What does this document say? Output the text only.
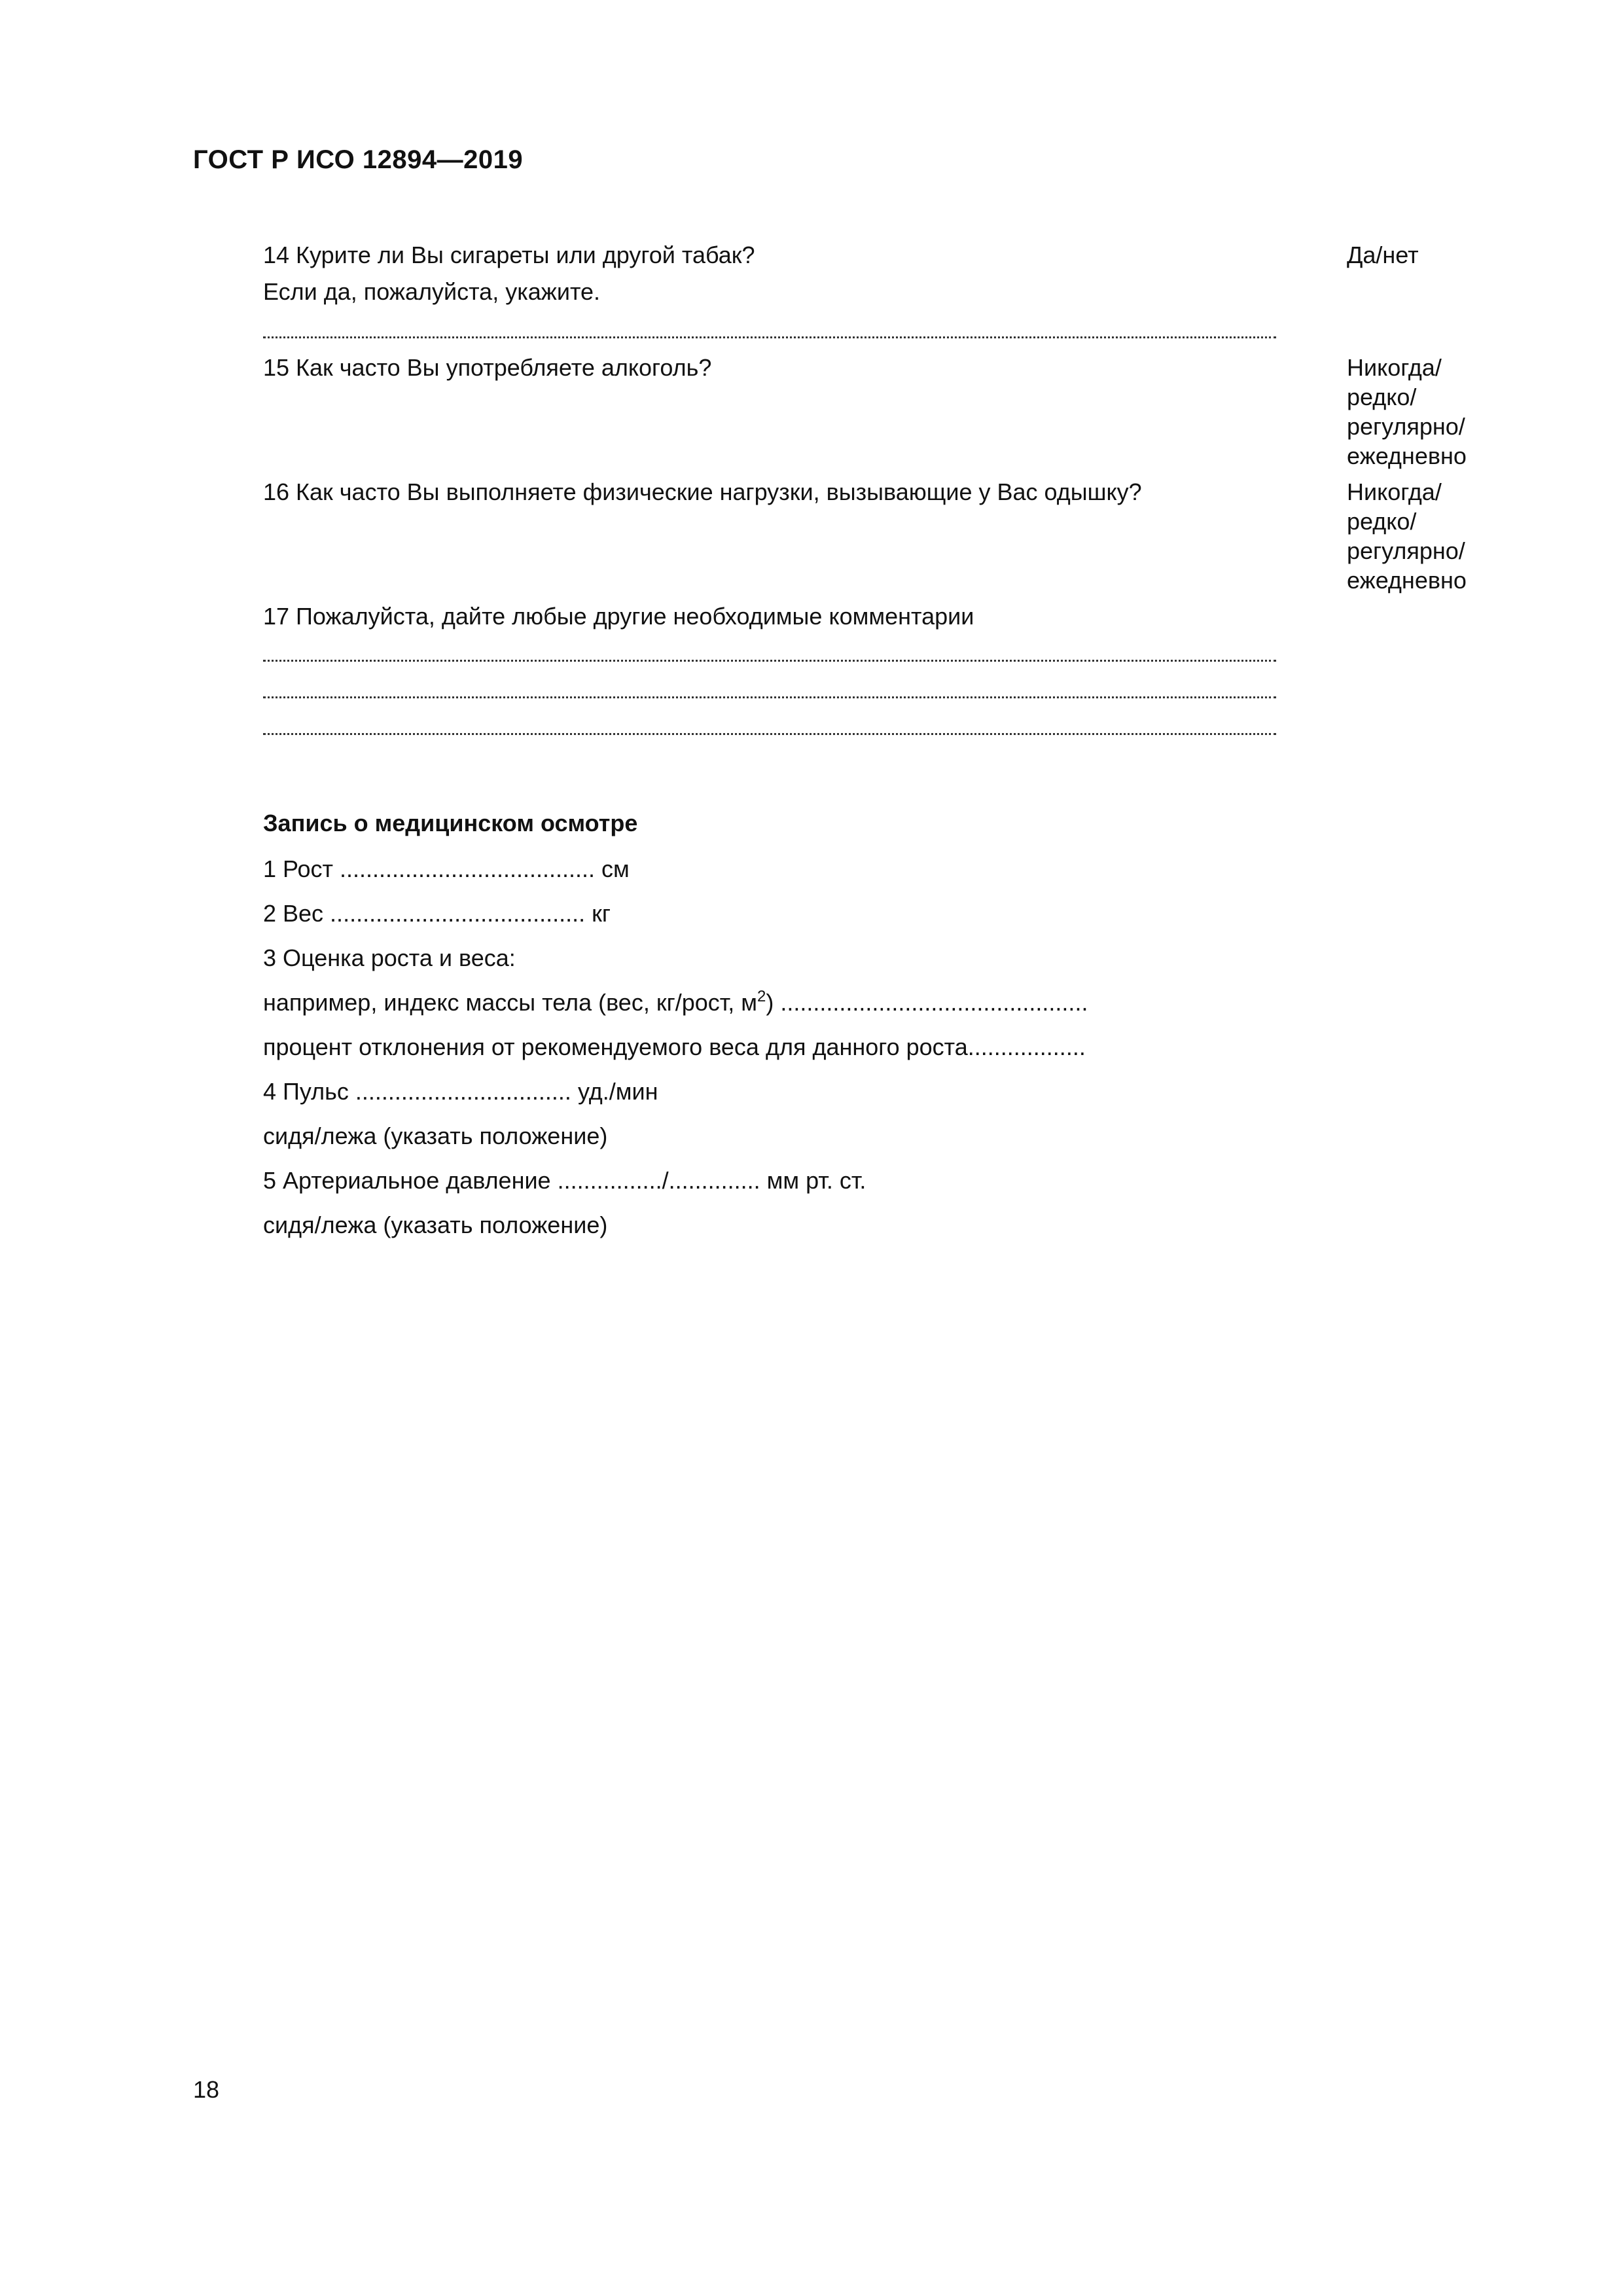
ГОСТ Р ИСО 12894—2019
14 Курите ли Вы сигареты или другой табак?	Да/нет
Если да, пожалуйста, укажите.
15 Как часто Вы употребляете алкоголь?	Никогда/
редко/
регулярно/
ежедневно
16 Как часто Вы выполняете физические нагрузки, вызывающие у Вас одышку?	Никогда/
редко/
регулярно/
ежедневно
17 Пожалуйста, дайте любые другие необходимые комментарии
Запись о медицинском осмотре
1 Рост ....................................... см
2 Вес ....................................... кг
3 Оценка роста и веса:
например, индекс массы тела (вес, кг/рост, $м^2$) ...............................................
процент отклонения от рекомендуемого веса для данного роста..................
4 Пульс ................................. уд./мин
сидя/лежа (указать положение)
5 Артериальное давление ................/.............. мм рт. ст.
сидя/лежа (указать положение)
18
